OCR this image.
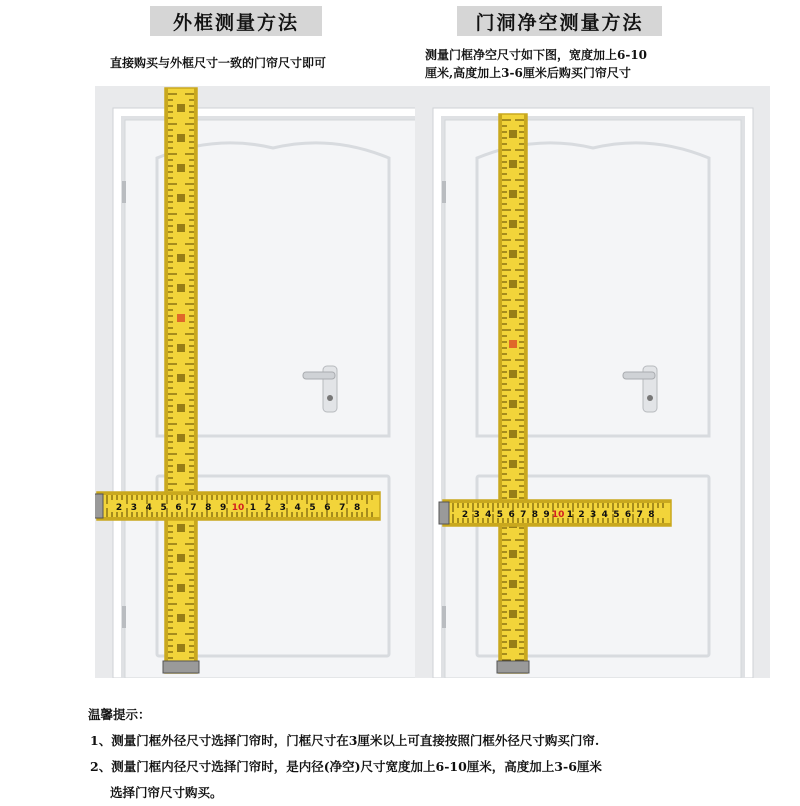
外框测量方法	门洞净空测量方法
直接购买与外框尺寸一致的门帘尺寸即可
测量门框净空尺寸如下图，宽度加上6-10
厘米,高度加上3-6厘米后购买门帘尺寸
2 3 4 5 6 7 8 9 10 1 2 3 4 5 6 7 8
2 3 4 5 6 7 8 9 10 1 2 3 4 5 6 7 8
温馨提示：
1、测量门框外径尺寸选择门帘时，门框尺寸在3厘米以上可直接按照门框外径尺寸购买门帘.
2、测量门框内径尺寸选择门帘时，是内径(净空)尺寸宽度加上6-10厘米，高度加上3-6厘米
选择门帘尺寸购买。
